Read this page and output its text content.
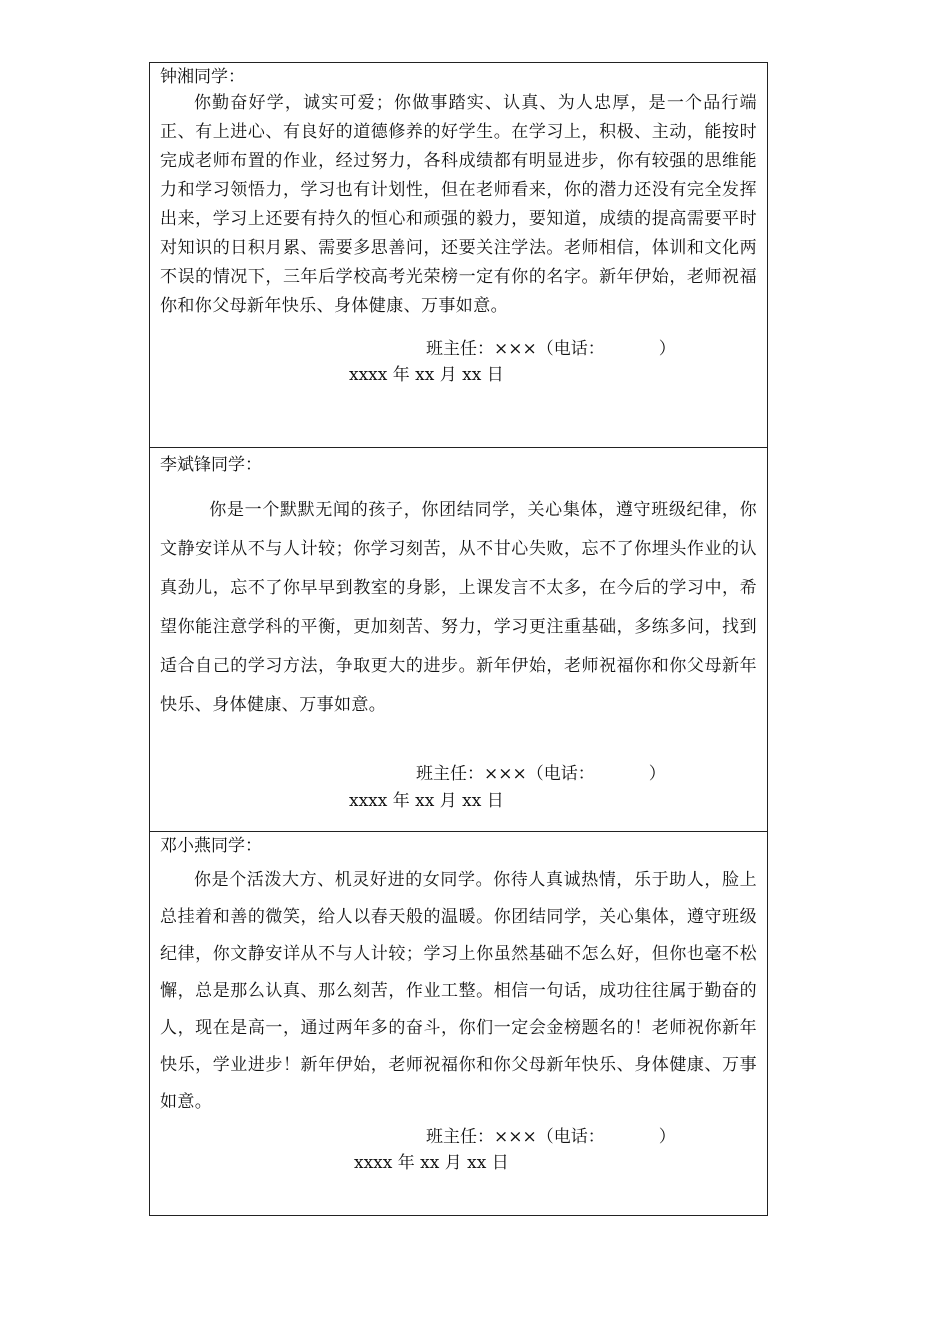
钟湘同学：

你勤奋好学，诚实可爱；你做事踏实、认真、为人忠厚，是一个品行端正、有上进心、有良好的道德修养的好学生。在学习上，积极、主动，能按时完成老师布置的作业，经过努力，各科成绩都有明显进步，你有较强的思维能力和学习领悟力，学习也有计划性，但在老师看来，你的潜力还没有完全发挥出来，学习上还要有持久的恒心和顽强的毅力，要知道，成绩的提高需要平时对知识的日积月累、需要多思善问，还要关注学法。老师相信，体训和文化两不误的情况下，三年后学校高考光荣榜一定有你的名字。新年伊始，老师祝福你和你父母新年快乐、身体健康、万事如意。

班主任：×××（电话：          ）
xxxx 年 xx 月 xx 日

李斌锋同学：

你是一个默默无闻的孩子，你团结同学，关心集体，遵守班级纪律，你文静安详从不与人计较；你学习刻苦，从不甘心失败，忘不了你埋头作业的认真劲儿，忘不了你早早到教室的身影，上课发言不太多，在今后的学习中，希望你能注意学科的平衡，更加刻苦、努力，学习更注重基础，多练多问，找到适合自己的学习方法，争取更大的进步。新年伊始，老师祝福你和你父母新年快乐、身体健康、万事如意。

班主任：×××（电话：          ）
xxxx 年 xx 月 xx 日

邓小燕同学：

你是个活泼大方、机灵好进的女同学。你待人真诚热情，乐于助人，脸上总挂着和善的微笑，给人以春天般的温暖。你团结同学，关心集体，遵守班级纪律，你文静安详从不与人计较；学习上你虽然基础不怎么好，但你也毫不松懈，总是那么认真、那么刻苦，作业工整。相信一句话，成功往往属于勤奋的人，现在是高一，通过两年多的奋斗，你们一定会金榜题名的！老师祝你新年快乐，学业进步！新年伊始，老师祝福你和你父母新年快乐、身体健康、万事如意。

班主任：×××（电话：          ）
xxxx 年 xx 月 xx 日
